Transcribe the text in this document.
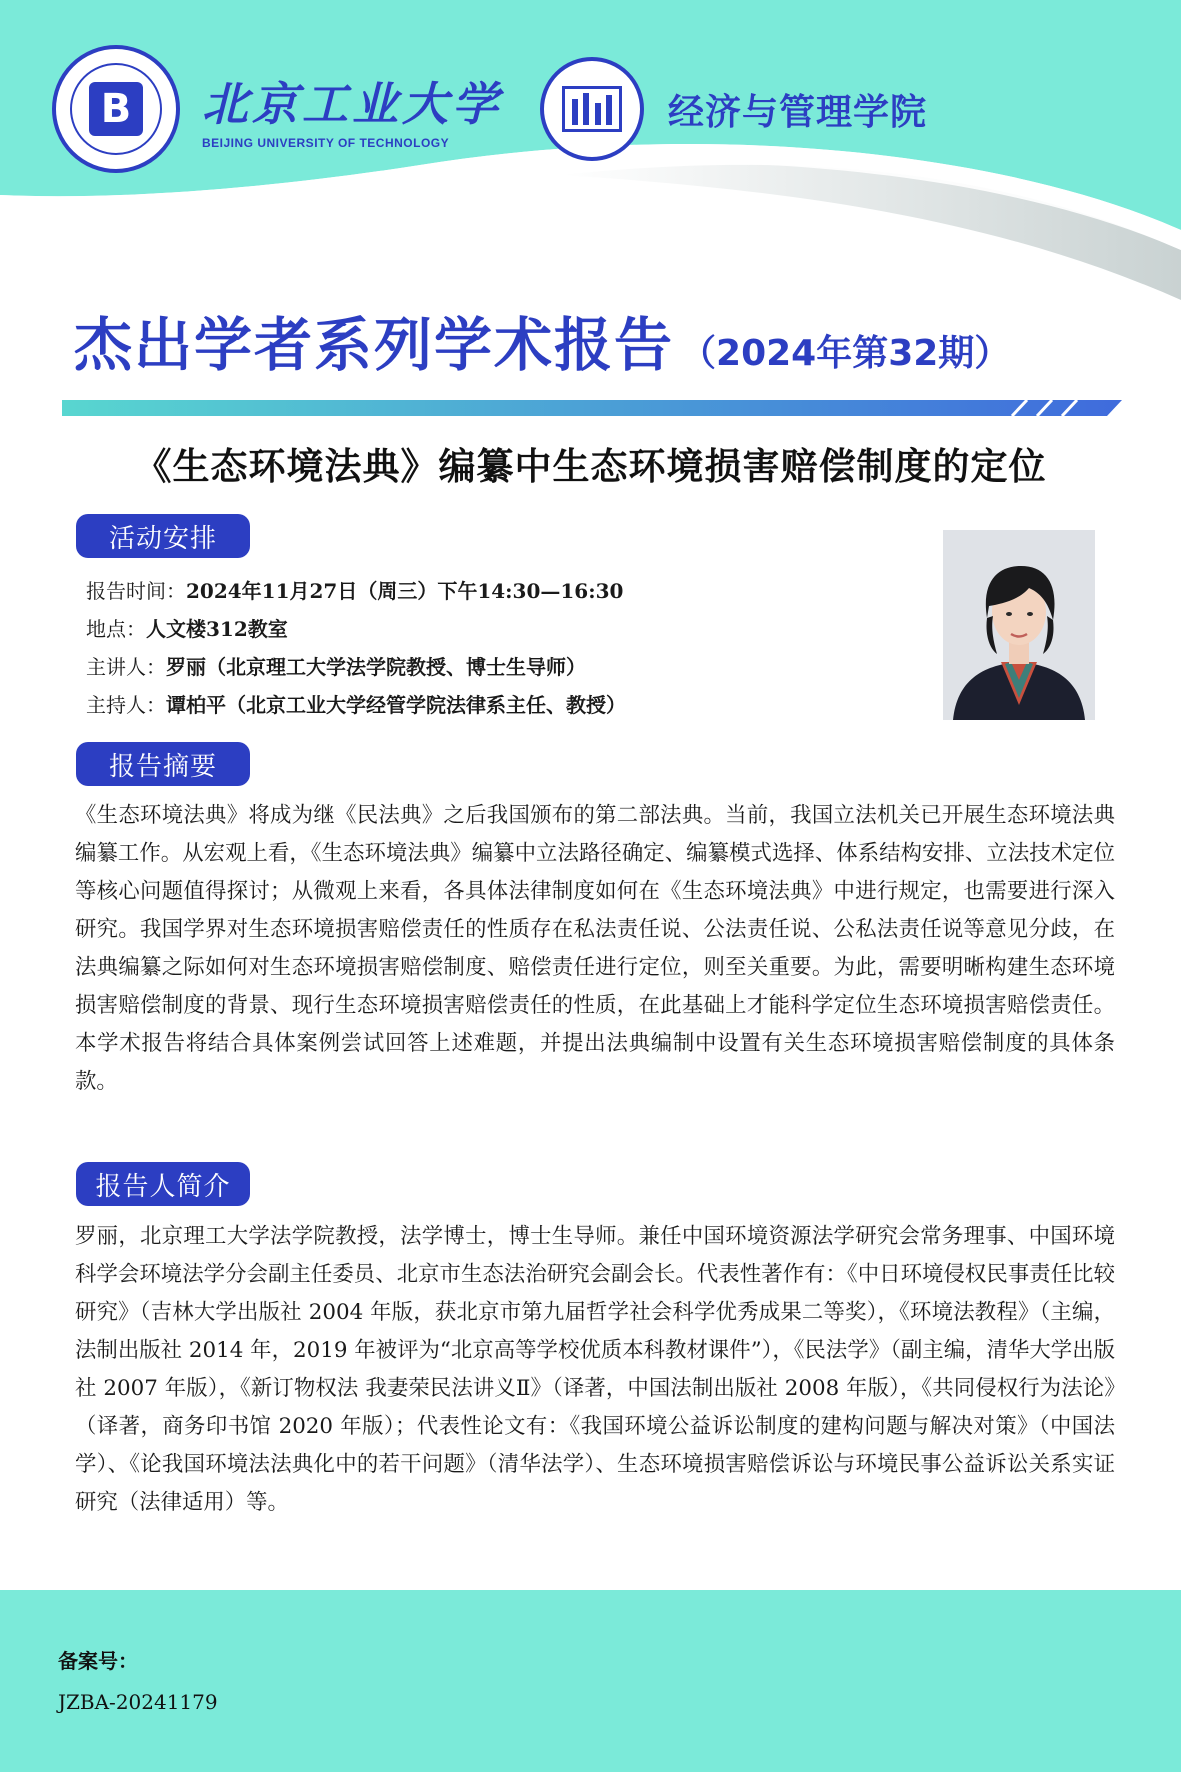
B 北京工业大学
BEIJING UNIVERSITY OF TECHNOLOGY
经济与管理学院
杰出学者系列学术报告 （2024年第32期）
《生态环境法典》编纂中生态环境损害赔偿制度的定位
活动安排
报告时间：2024年11月27日（周三）下午14:30—16:30
地点：人文楼312教室
主讲人：罗丽（北京理工大学法学院教授、博士生导师）
主持人：谭柏平（北京工业大学经管学院法律系主任、教授）
报告摘要

《生态环境法典》将成为继《民法典》之后我国颁布的第二部法典。当前，我国立法机关已开展生态环境法典编纂工作。从宏观上看，《生态环境法典》编纂中立法路径确定、编纂模式选择、体系结构安排、立法技术定位等核心问题值得探讨；从微观上来看，各具体法律制度如何在《生态环境法典》中进行规定，也需要进行深入研究。我国学界对生态环境损害赔偿责任的性质存在私法责任说、公法责任说、公私法责任说等意见分歧，在法典编纂之际如何对生态环境损害赔偿制度、赔偿责任进行定位，则至关重要。为此，需要明晰构建生态环境损害赔偿制度的背景、现行生态环境损害赔偿责任的性质，在此基础上才能科学定位生态环境损害赔偿责任。本学术报告将结合具体案例尝试回答上述难题，并提出法典编制中设置有关生态环境损害赔偿制度的具体条款。

报告人简介

罗丽，北京理工大学法学院教授，法学博士，博士生导师。兼任中国环境资源法学研究会常务理事、中国环境科学会环境法学分会副主任委员、北京市生态法治研究会副会长。代表性著作有：《中日环境侵权民事责任比较研究》（吉林大学出版社 2004 年版，获北京市第九届哲学社会科学优秀成果二等奖），《环境法教程》（主编，法制出版社 2014 年，2019 年被评为“北京高等学校优质本科教材课件”），《民法学》（副主编，清华大学出版社 2007 年版），《新订物权法 我妻荣民法讲义Ⅱ》（译著，中国法制出版社 2008 年版），《共同侵权行为法论》（译著，商务印书馆 2020 年版）；代表性论文有：《我国环境公益诉讼制度的建构问题与解决对策》（中国法学）、《论我国环境法法典化中的若干问题》（清华法学）、生态环境损害赔偿诉讼与环境民事公益诉讼关系实证研究（法律适用）等。

备案号：
JZBA-20241179
